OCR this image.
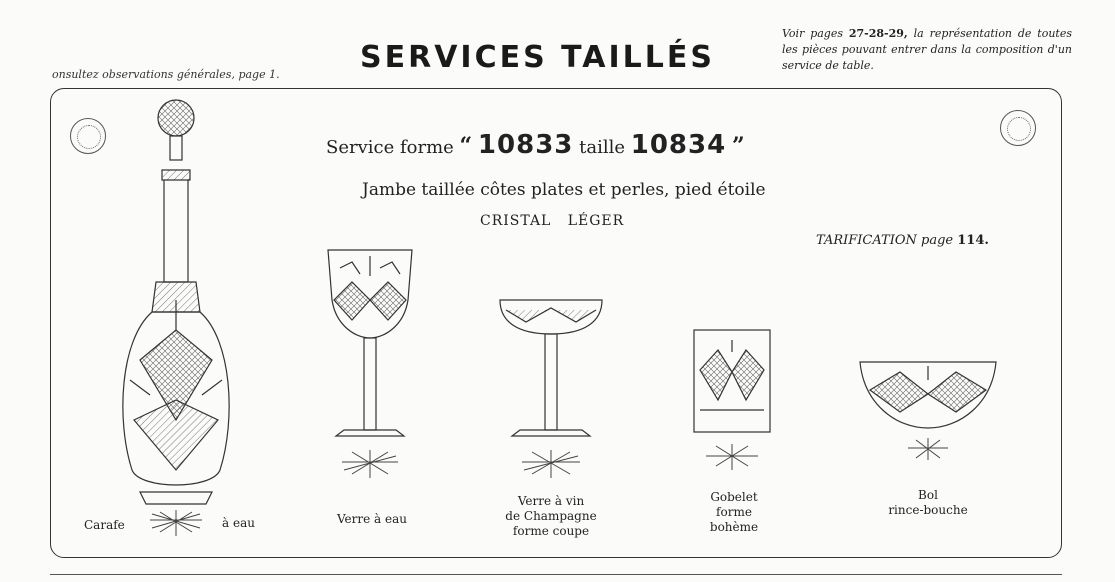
onsultez observations générales, page 1.	SERVICES TAILLÉS
Voir pages 27-28-29, la représentation de toutes les pièces pouvant entrer dans la composition d'un service de table.
Service forme “ 10833 taille 10834 ”
Jambe taillée côtes plates et perles, pied étoile
CRISTAL   LÉGER
TARIFICATION page 114.
Carafe	à eau	Verre à eau
Verre à vin
de Champagne
forme coupe
Gobelet
forme
bohème
Bol
rince-bouche
